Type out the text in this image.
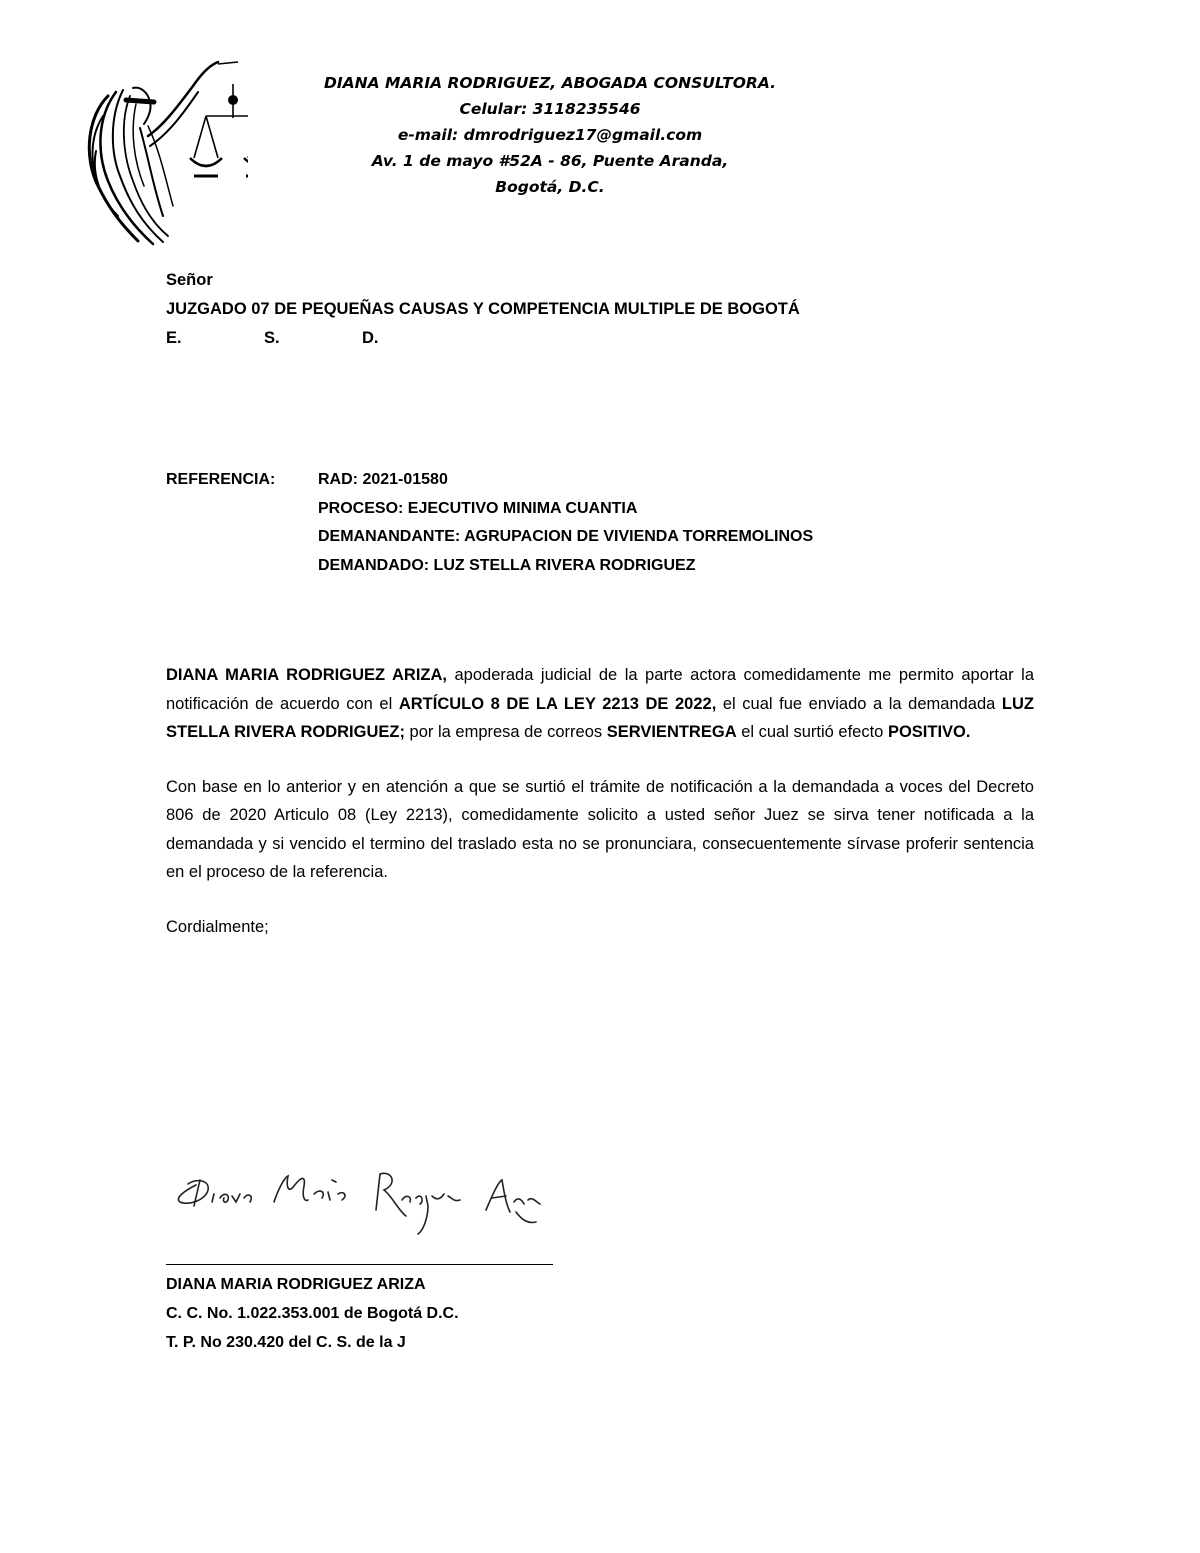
DIANA MARIA RODRIGUEZ, ABOGADA CONSULTORA.
Celular: 3118235546
e-mail: dmrodriguez17@gmail.com
Av. 1 de mayo #52A - 86, Puente Aranda,
Bogotá, D.C.
Señor
JUZGADO 07 DE PEQUEÑAS CAUSAS Y COMPETENCIA MULTIPLE DE BOGOTÁ
E.	S.	D.
REFERENCIA:	RAD: 2021-01580
PROCESO: EJECUTIVO MINIMA CUANTIA
DEMANANDANTE: AGRUPACION DE VIVIENDA TORREMOLINOS
DEMANDADO: LUZ STELLA RIVERA RODRIGUEZ

DIANA MARIA RODRIGUEZ ARIZA, apoderada judicial de la parte actora comedidamente me permito aportar la notificación de acuerdo con el ARTÍCULO 8 DE LA LEY 2213 DE 2022, el cual fue enviado a la demandada LUZ STELLA RIVERA RODRIGUEZ; por la empresa de correos SERVIENTREGA el cual surtió efecto POSITIVO.

Con base en lo anterior y en atención a que se surtió el trámite de notificación a la demandada a voces del Decreto 806 de 2020 Articulo 08 (Ley 2213), comedidamente solicito a usted señor Juez se sirva tener notificada a la demandada y si vencido el termino del traslado esta no se pronunciara, consecuentemente sírvase proferir sentencia en el proceso de la referencia.

Cordialmente;

DIANA MARIA RODRIGUEZ ARIZA
C. C. No. 1.022.353.001 de Bogotá D.C.
T. P. No 230.420 del C. S. de la J
